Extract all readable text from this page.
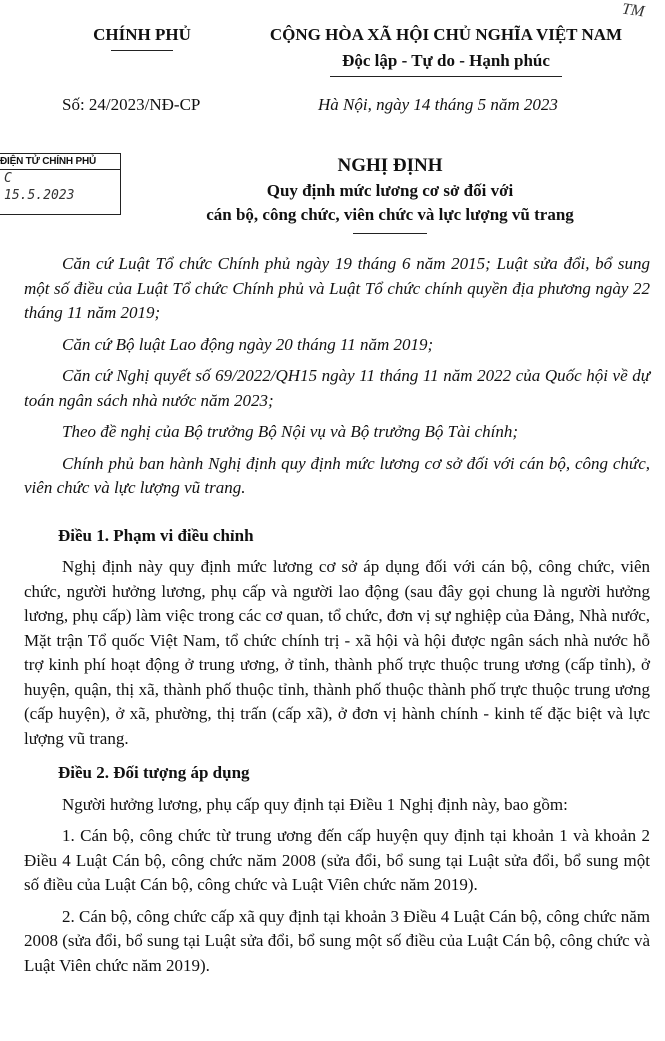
TM
CHÍNH PHỦ	CỘNG HÒA XÃ HỘI CHỦ NGHĨA VIỆT NAM
Độc lập - Tự do - Hạnh phúc
Số: 24/2023/NĐ-CP	Hà Nội, ngày 14 tháng 5 năm 2023
ĐIỆN TỬ CHÍNH PHỦ
C
15.5.2023
NGHỊ ĐỊNH
Quy định mức lương cơ sở đối với
cán bộ, công chức, viên chức và lực lượng vũ trang

Căn cứ Luật Tổ chức Chính phủ ngày 19 tháng 6 năm 2015; Luật sửa đổi, bổ sung một số điều của Luật Tổ chức Chính phủ và Luật Tổ chức chính quyền địa phương ngày 22 tháng 11 năm 2019;

Căn cứ Bộ luật Lao động ngày 20 tháng 11 năm 2019;

Căn cứ Nghị quyết số 69/2022/QH15 ngày 11 tháng 11 năm 2022 của Quốc hội về dự toán ngân sách nhà nước năm 2023;

Theo đề nghị của Bộ trưởng Bộ Nội vụ và Bộ trưởng Bộ Tài chính;

Chính phủ ban hành Nghị định quy định mức lương cơ sở đối với cán bộ, công chức, viên chức và lực lượng vũ trang.

Điều 1. Phạm vi điều chỉnh

Nghị định này quy định mức lương cơ sở áp dụng đối với cán bộ, công chức, viên chức, người hưởng lương, phụ cấp và người lao động (sau đây gọi chung là người hưởng lương, phụ cấp) làm việc trong các cơ quan, tổ chức, đơn vị sự nghiệp của Đảng, Nhà nước, Mặt trận Tổ quốc Việt Nam, tổ chức chính trị - xã hội và hội được ngân sách nhà nước hỗ trợ kinh phí hoạt động ở trung ương, ở tỉnh, thành phố trực thuộc trung ương (cấp tỉnh), ở huyện, quận, thị xã, thành phố thuộc tỉnh, thành phố thuộc thành phố trực thuộc trung ương (cấp huyện), ở xã, phường, thị trấn (cấp xã), ở đơn vị hành chính - kinh tế đặc biệt và lực lượng vũ trang.

Điều 2. Đối tượng áp dụng

Người hưởng lương, phụ cấp quy định tại Điều 1 Nghị định này, bao gồm:

1. Cán bộ, công chức từ trung ương đến cấp huyện quy định tại khoản 1 và khoản 2 Điều 4 Luật Cán bộ, công chức năm 2008 (sửa đổi, bổ sung tại Luật sửa đổi, bổ sung một số điều của Luật Cán bộ, công chức và Luật Viên chức năm 2019).

2. Cán bộ, công chức cấp xã quy định tại khoản 3 Điều 4 Luật Cán bộ, công chức năm 2008 (sửa đổi, bổ sung tại Luật sửa đổi, bổ sung một số điều của Luật Cán bộ, công chức và Luật Viên chức năm 2019).
